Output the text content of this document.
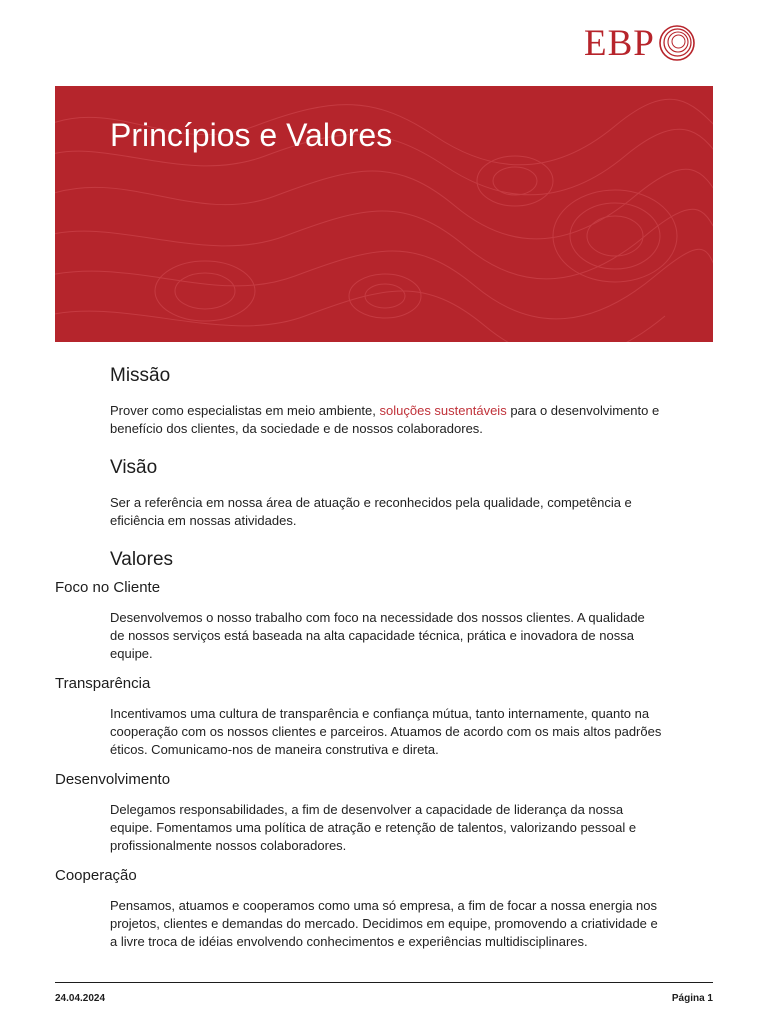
EBP
Princípios e Valores
Missão

Prover como especialistas em meio ambiente, soluções sustentáveis para o desenvolvimento e benefício dos clientes, da sociedade e de nossos colaboradores.

Visão

Ser a referência em nossa área de atuação e reconhecidos pela qualidade, competência e eficiência em nossas atividades.

Valores
Foco no Cliente

Desenvolvemos o nosso trabalho com foco na necessidade dos nossos clientes. A qualidade de nossos serviços está baseada na alta capacidade técnica, prática e inovadora de nossa equipe.

Transparência

Incentivamos uma cultura de transparência e confiança mútua, tanto internamente, quanto na cooperação com os nossos clientes e parceiros. Atuamos de acordo com os mais altos padrões éticos. Comunicamo-nos de maneira construtiva e direta.

Desenvolvimento

Delegamos responsabilidades, a fim de desenvolver a capacidade de liderança da nossa equipe. Fomentamos uma política de atração e retenção de talentos, valorizando pessoal e profissionalmente nossos colaboradores.

Cooperação

Pensamos, atuamos e cooperamos como uma só empresa, a fim de focar a nossa energia nos projetos, clientes e demandas do mercado. Decidimos em equipe, promovendo a criatividade e a livre troca de idéias envolvendo conhecimentos e experiências multidisciplinares.

24.04.2024	Página 1
